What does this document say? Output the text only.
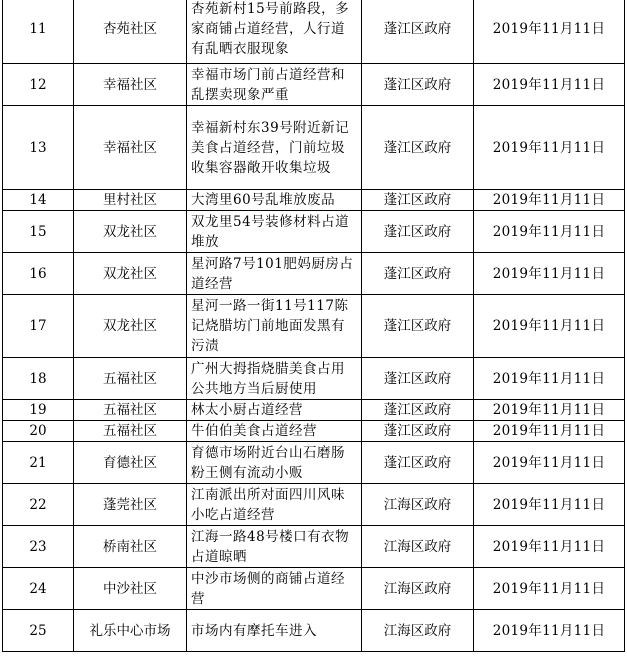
11	杏苑社区	杏苑新村15号前路段，多家商铺占道经营，人行道有乱晒衣服现象	蓬江区政府	2019年11月11日
12	幸福社区	幸福市场门前占道经营和乱摆卖现象严重	蓬江区政府	2019年11月11日
13	幸福社区	幸福新村东39号附近新记美食占道经营，门前垃圾收集容器敞开收集垃圾	蓬江区政府	2019年11月11日
14	里村社区	大湾里60号乱堆放废品	蓬江区政府	2019年11月11日
15	双龙社区	双龙里54号装修材料占道堆放	蓬江区政府	2019年11月11日
16	双龙社区	星河路7号101肥妈厨房占道经营	蓬江区政府	2019年11月11日
17	双龙社区	星河一路一街11号117陈记烧腊坊门前地面发黑有污渍	蓬江区政府	2019年11月11日
18	五福社区	广州大拇指烧腊美食占用公共地方当后厨使用	蓬江区政府	2019年11月11日
19	五福社区	林太小厨占道经营	蓬江区政府	2019年11月11日
20	五福社区	牛伯伯美食占道经营	蓬江区政府	2019年11月11日
21	育德社区	育德市场附近台山石磨肠粉王侧有流动小贩	蓬江区政府	2019年11月11日
22	蓬莞社区	江南派出所对面四川风味小吃占道经营	江海区政府	2019年11月11日
23	桥南社区	江海一路48号楼口有衣物占道晾晒	江海区政府	2019年11月11日
24	中沙社区	中沙市场侧的商铺占道经营	江海区政府	2019年11月11日
25	礼乐中心市场	市场内有摩托车进入	江海区政府	2019年11月11日
